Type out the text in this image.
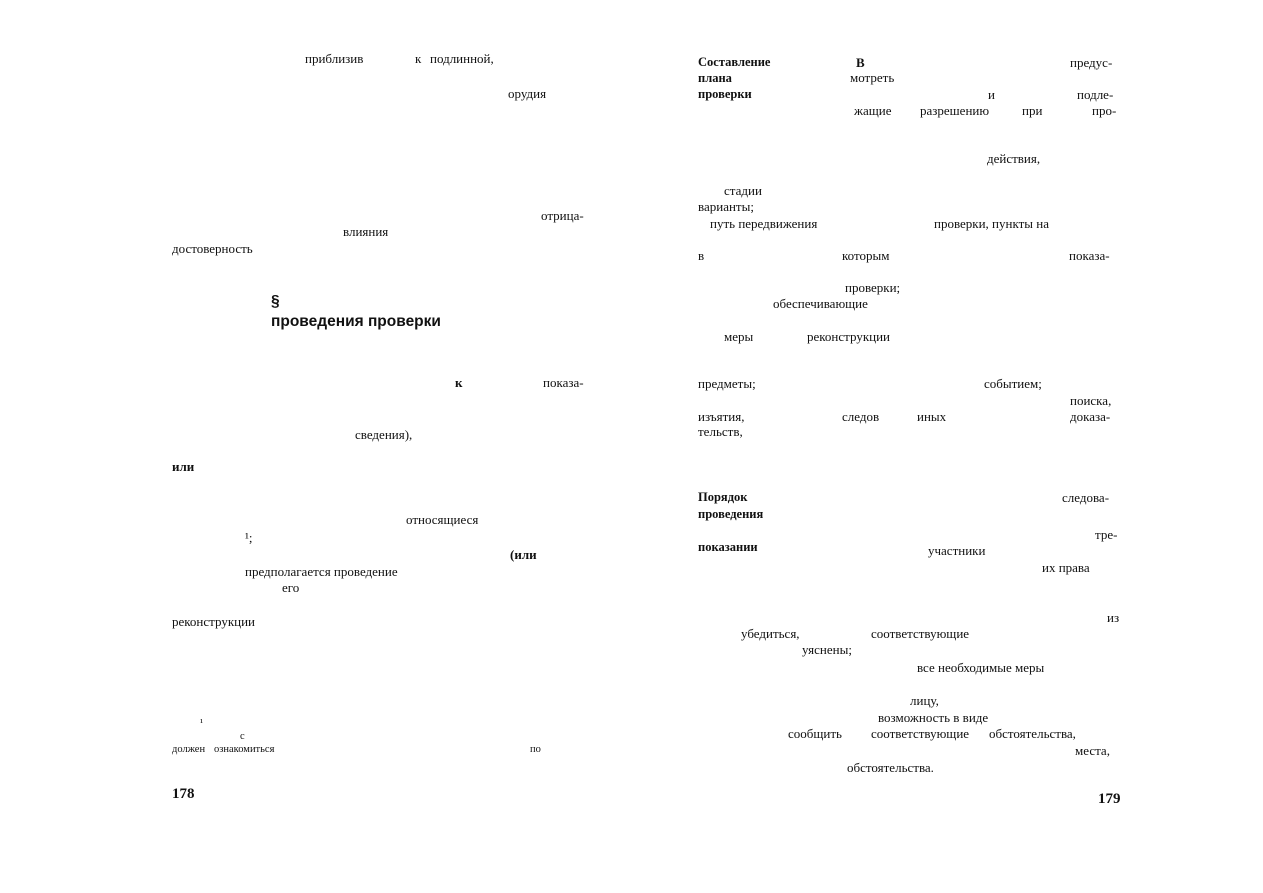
приблизив	к подлинной,
орудия
отрица-
влияния
достоверность
§
проведения проверки
к	показа-
сведения),
или
относящиеся
¹;
(или
предполагается проведение
его
реконструкции
¹
с
должен ознакомиться	по
178
Составление
плана
проверки
В	предус-
мотреть
и	подле-
жащие разрешению	при	про-
действия,
стадии
варианты;
путь передвижения	проверки, пункты на
в	которым	показа-
проверки;
обеспечивающие
меры	реконструкции
предметы;	событием;
поиска,
изъятия,	следов	иных	доказа-
тельств,
Порядок
проведения
показании
следова-
тре-
участники
их права
из
убедиться,	соответствующие
уяснены;
все необходимые меры
лицу,
возможность в виде
сообщить соответствующие обстоятельства,
места,
обстоятельства.
179
